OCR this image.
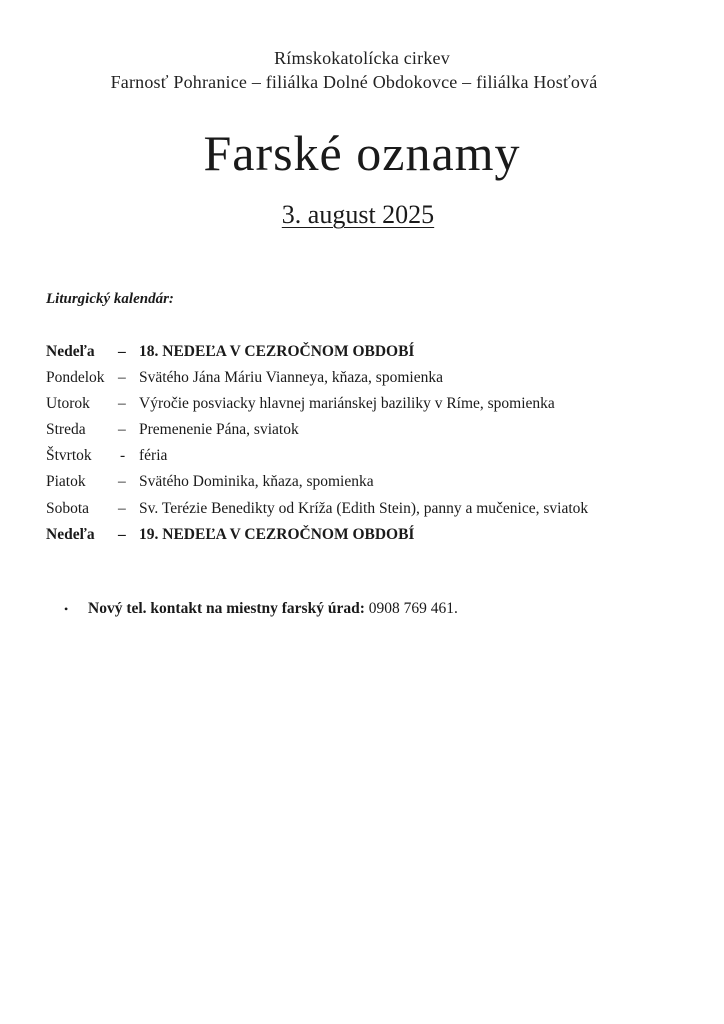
Rímskokatolícka cirkev
Farnosť Pohranice – filiálka Dolné Obdokovce – filiálka Hosťová
Farské oznamy
3. august 2025
Liturgický kalendár:
Nedeľa – 18. NEDEĽA V CEZROČNOM OBDOBÍ
Pondelok – Svätého Jána Máriu Vianneya, kňaza, spomienka
Utorok – Výročie posviacky hlavnej mariánskej baziliky v Ríme, spomienka
Streda – Premenenie Pána, sviatok
Štvrtok - féria
Piatok – Svätého Dominika, kňaza, spomienka
Sobota – Sv. Terézie Benedikty od Kríža (Edith Stein), panny a mučenice, sviatok
Nedeľa – 19. NEDEĽA V CEZROČNOM OBDOBÍ
• Nový tel. kontakt na miestny farský úrad: 0908 769 461.
